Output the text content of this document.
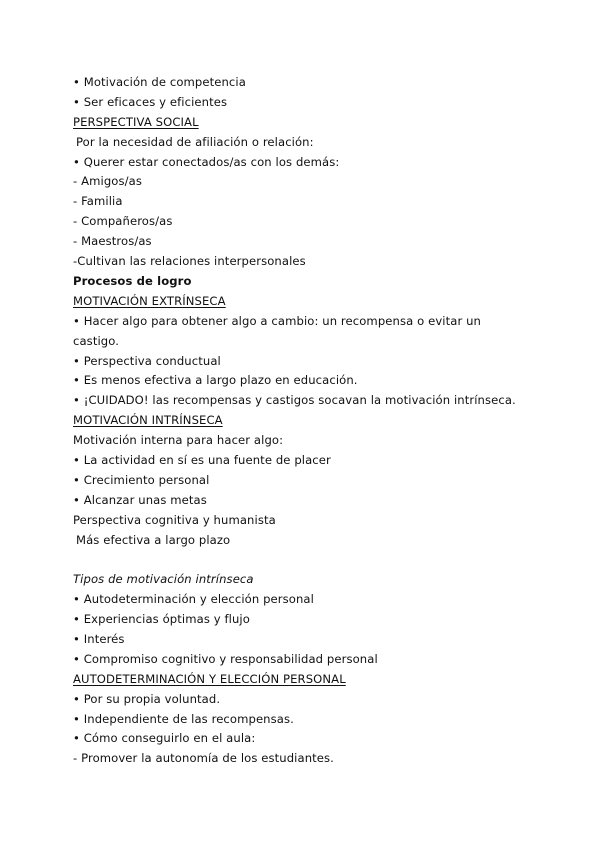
• Motivación de competencia
• Ser eficaces y eficientes
PERSPECTIVA SOCIAL
Por la necesidad de afiliación o relación:
• Querer estar conectados/as con los demás:
- Amigos/as
- Familia
- Compañeros/as
- Maestros/as
-Cultivan las relaciones interpersonales
Procesos de logro
MOTIVACIÓN EXTRÍNSECA
• Hacer algo para obtener algo a cambio: un recompensa o evitar un castigo.
• Perspectiva conductual
• Es menos efectiva a largo plazo en educación.
• ¡CUIDADO! las recompensas y castigos socavan la motivación intrínseca.
MOTIVACIÓN INTRÍNSECA
Motivación interna para hacer algo:
• La actividad en sí es una fuente de placer
• Crecimiento personal
• Alcanzar unas metas
Perspectiva cognitiva y humanista
Más efectiva a largo plazo
Tipos de motivación intrínseca
• Autodeterminación y elección personal
• Experiencias óptimas y flujo
• Interés
• Compromiso cognitivo y responsabilidad personal
AUTODETERMINACIÓN Y ELECCIÓN PERSONAL
• Por su propia voluntad.
• Independiente de las recompensas.
• Cómo conseguirlo en el aula:
- Promover la autonomía de los estudiantes.
